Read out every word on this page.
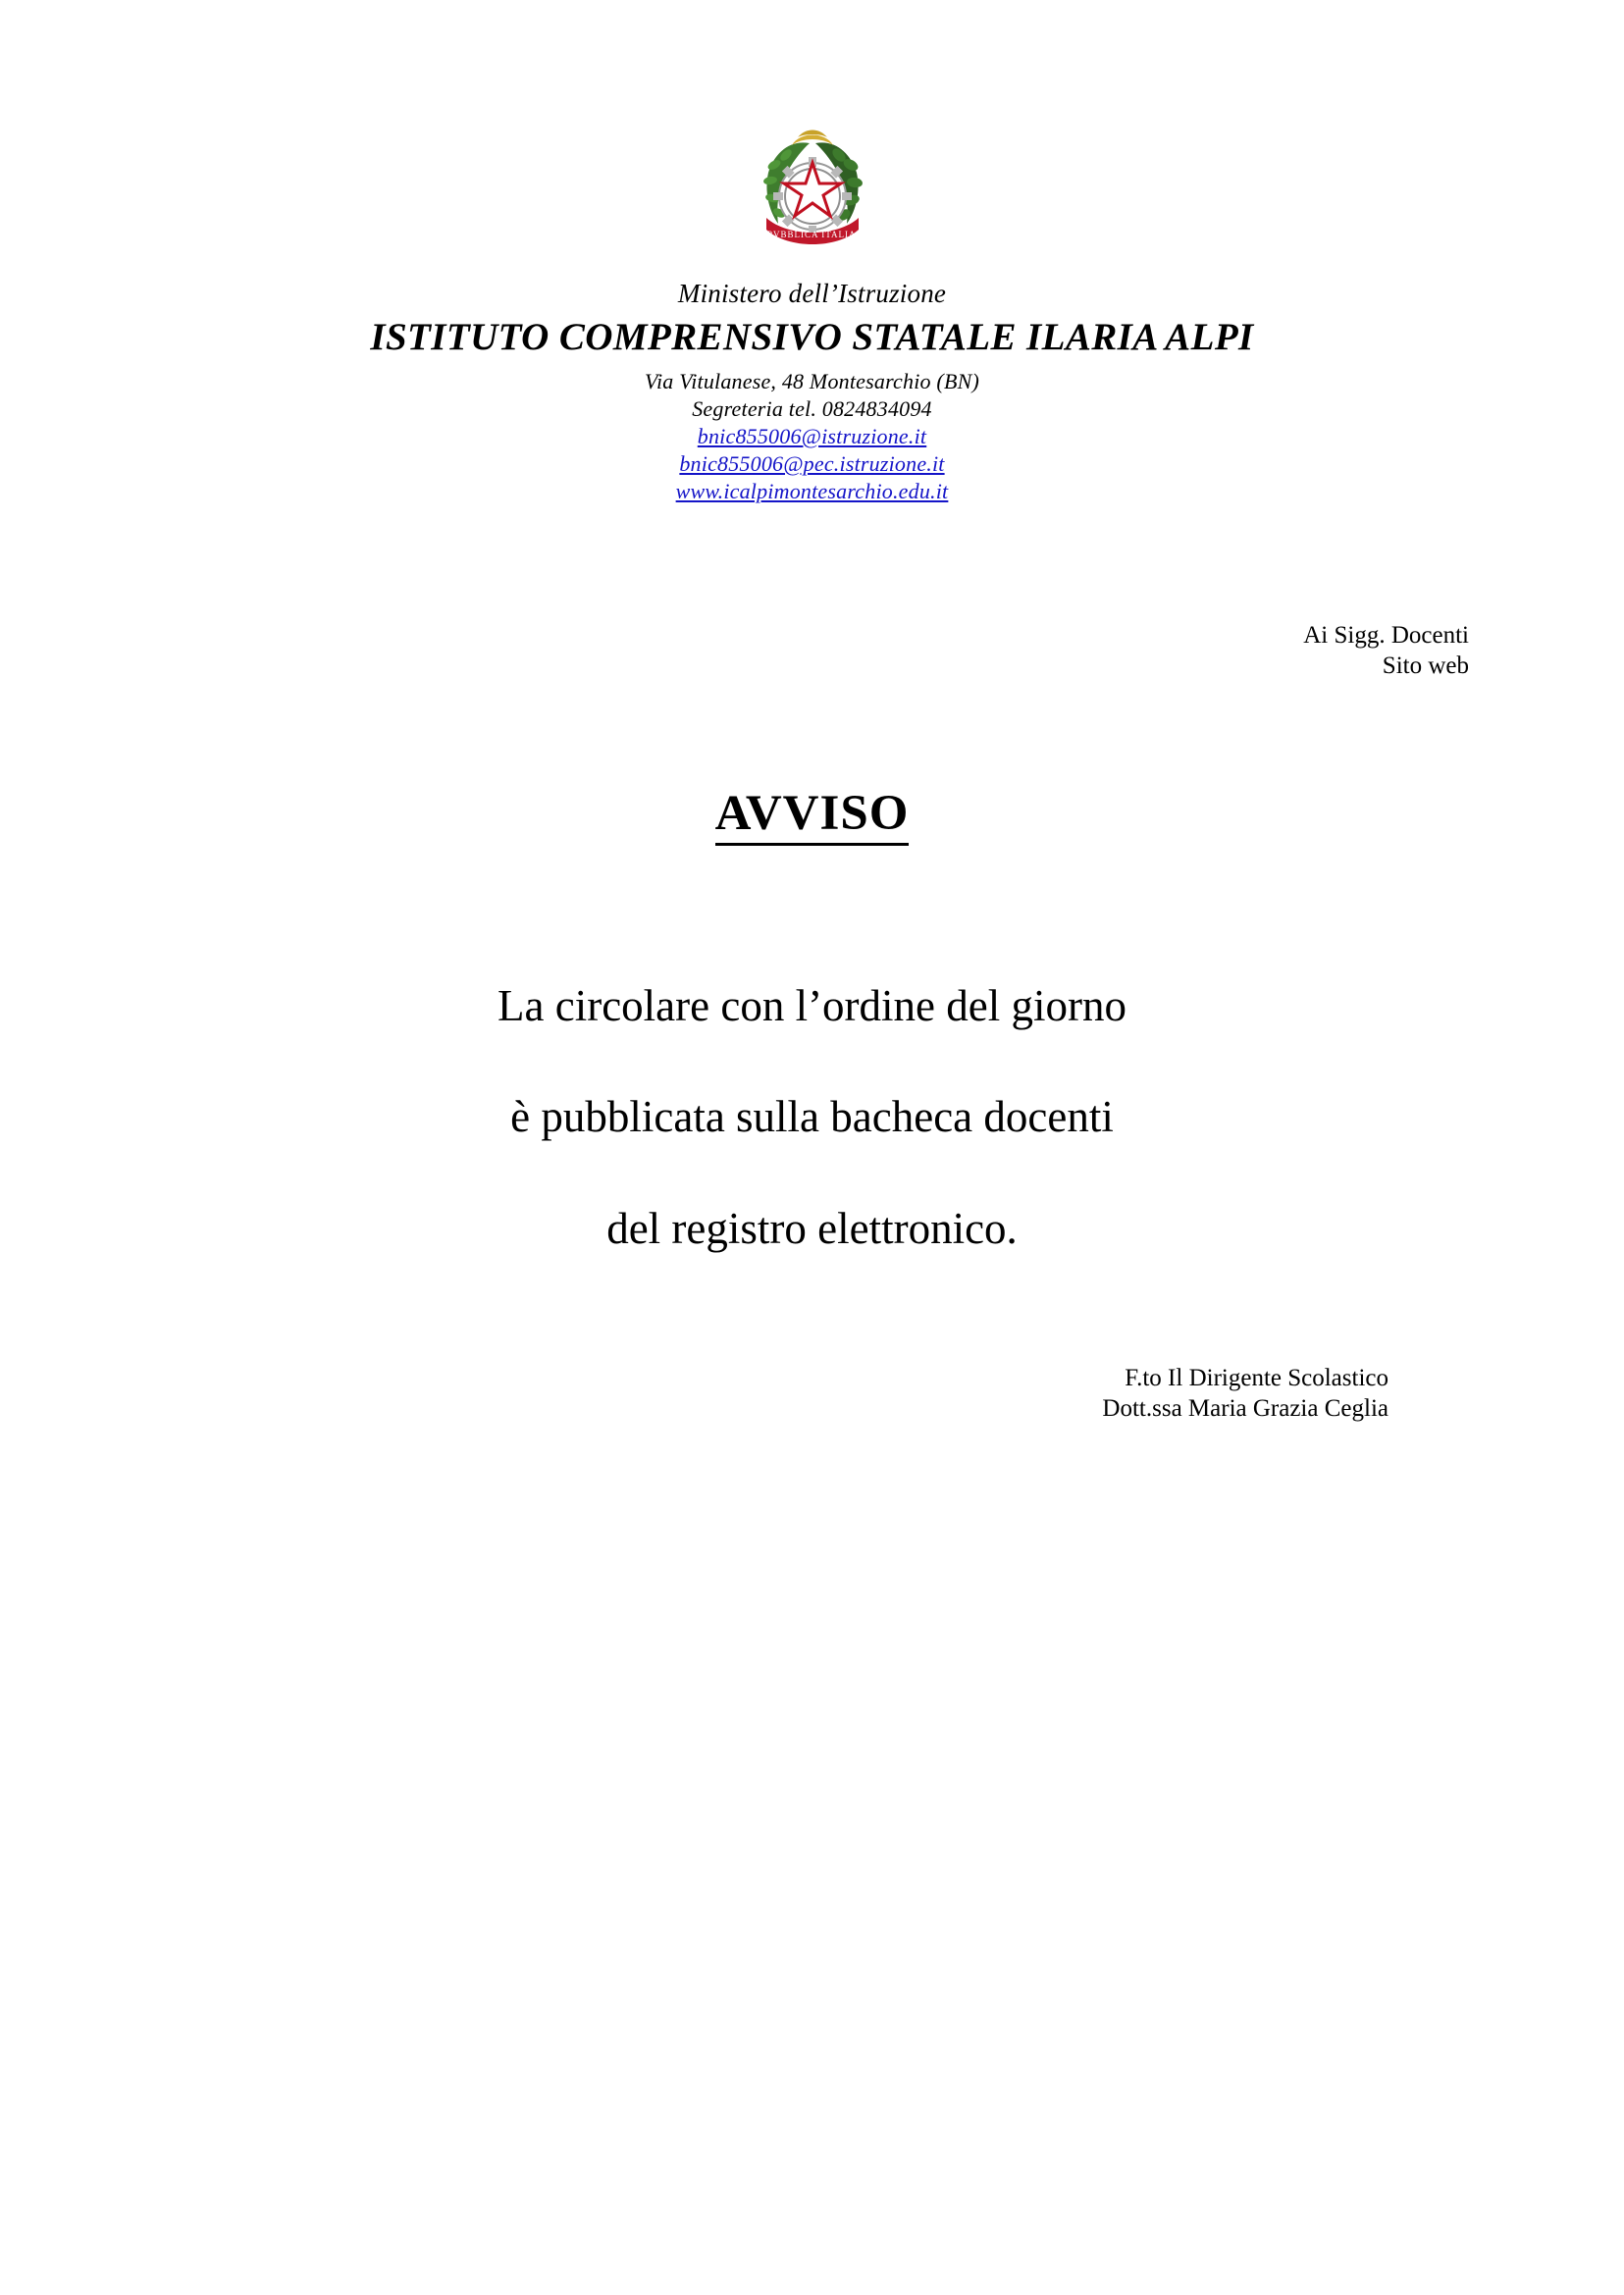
REPVBBLICA ITALIANA
Ministero dell’Istruzione
ISTITUTO COMPRENSIVO STATALE ILARIA ALPI
Via Vitulanese, 48 Montesarchio (BN)
Segreteria tel. 0824834094
bnic855006@istruzione.it
bnic855006@pec.istruzione.it
www.icalpimontesarchio.edu.it
Ai Sigg. Docenti
Sito web
AVVISO
La circolare con l’ordine del giorno
è pubblicata sulla bacheca docenti
del registro elettronico.
F.to Il Dirigente Scolastico
Dott.ssa Maria Grazia Ceglia
